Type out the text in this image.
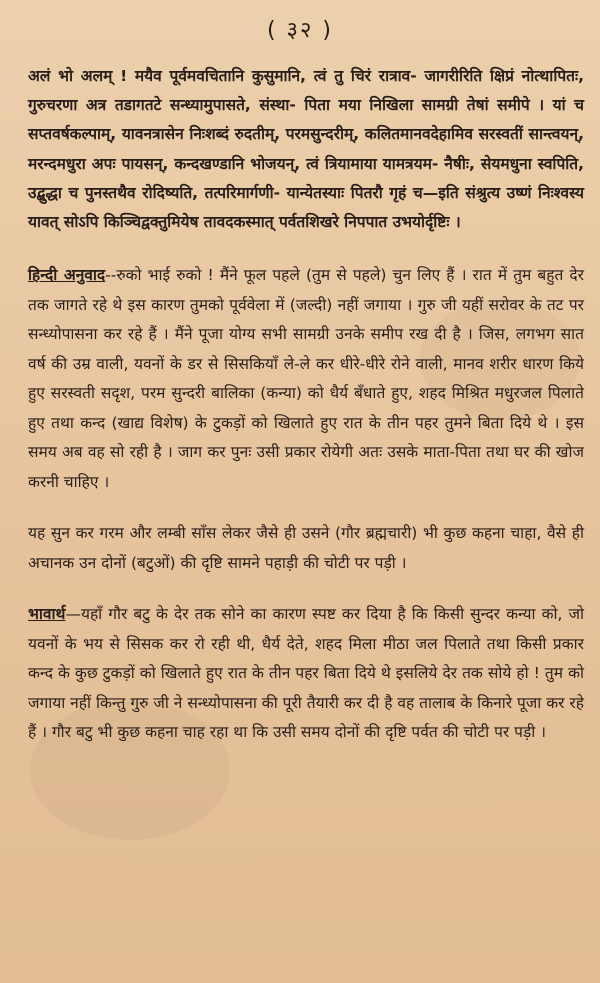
( ३२ )

अलं भो अलम् ! मयैव पूर्वमवचितानि कुसुमानि, त्वं तु चिरं रात्राव- जागरीरिति क्षिप्रं नोत्थापितः, गुरुचरणा अत्र तडागतटे सन्ध्यामुपासते, संस्था- पिता मया निखिला सामग्री तेषां समीपे । यां च सप्तवर्षकल्पाम्, यावनत्रासेन निःशब्दं रुदतीम्, परमसुन्दरीम्, कलितमानवदेहामिव सरस्वतीं सान्त्वयन्, मरन्दमधुरा अपः पायसन्, कन्दखण्डानि भोजयन्, त्वं त्रियामाया यामत्रयम- नैषीः, सेयमधुना स्वपिति, उद्बुद्धा च पुनस्तथैव रोदिष्यति, तत्परिमार्गणी- यान्येतस्याः पितरौ गृहं च—इति संश्रुत्य उष्णं निःश्वस्य यावत् सोऽपि किञ्चिद्वक्तुमियेष तावदकस्मात् पर्वतशिखरे निपपात उभयोर्दृष्टिः ।

हिन्दी अनुवाद--रुको भाई रुको ! मैंने फूल पहले (तुम से पहले) चुन लिए हैं । रात में तुम बहुत देर तक जागते रहे थे इस कारण तुमको पूर्ववेला में (जल्दी) नहीं जगाया । गुरु जी यहीं सरोवर के तट पर सन्ध्योपासना कर रहे हैं । मैंने पूजा योग्य सभी सामग्री उनके समीप रख दी है । जिस, लगभग सात वर्ष की उम्र वाली, यवनों के डर से सिसकियाँ ले-ले कर धीरे-धीरे रोने वाली, मानव शरीर धारण किये हुए सरस्वती सदृश, परम सुन्दरी बालिका (कन्या) को धैर्य बँधाते हुए, शहद मिश्रित मधुरजल पिलाते हुए तथा कन्द (खाद्य विशेष) के टुकड़ों को खिलाते हुए रात के तीन पहर तुमने बिता दिये थे । इस समय अब वह सो रही है । जाग कर पुनः उसी प्रकार रोयेगी अतः उसके माता-पिता तथा घर की खोज करनी चाहिए ।

यह सुन कर गरम और लम्बी साँस लेकर जैसे ही उसने (गौर ब्रह्मचारी) भी कुछ कहना चाहा, वैसे ही अचानक उन दोनों (बटुओं) की दृष्टि सामने पहाड़ी की चोटी पर पड़ी ।

भावार्थ—यहाँ गौर बटु के देर तक सोने का कारण स्पष्ट कर दिया है कि किसी सुन्दर कन्या को, जो यवनों के भय से सिसक कर रो रही थी, धैर्य देते, शहद मिला मीठा जल पिलाते तथा किसी प्रकार कन्द के कुछ टुकड़ों को खिलाते हुए रात के तीन पहर बिता दिये थे इसलिये देर तक सोये हो ! तुम को जगाया नहीं किन्तु गुरु जी ने सन्ध्योपासना की पूरी तैयारी कर दी है वह तालाब के किनारे पूजा कर रहे हैं । गौर बटु भी कुछ कहना चाह रहा था कि उसी समय दोनों की दृष्टि पर्वत की चोटी पर पड़ी ।
